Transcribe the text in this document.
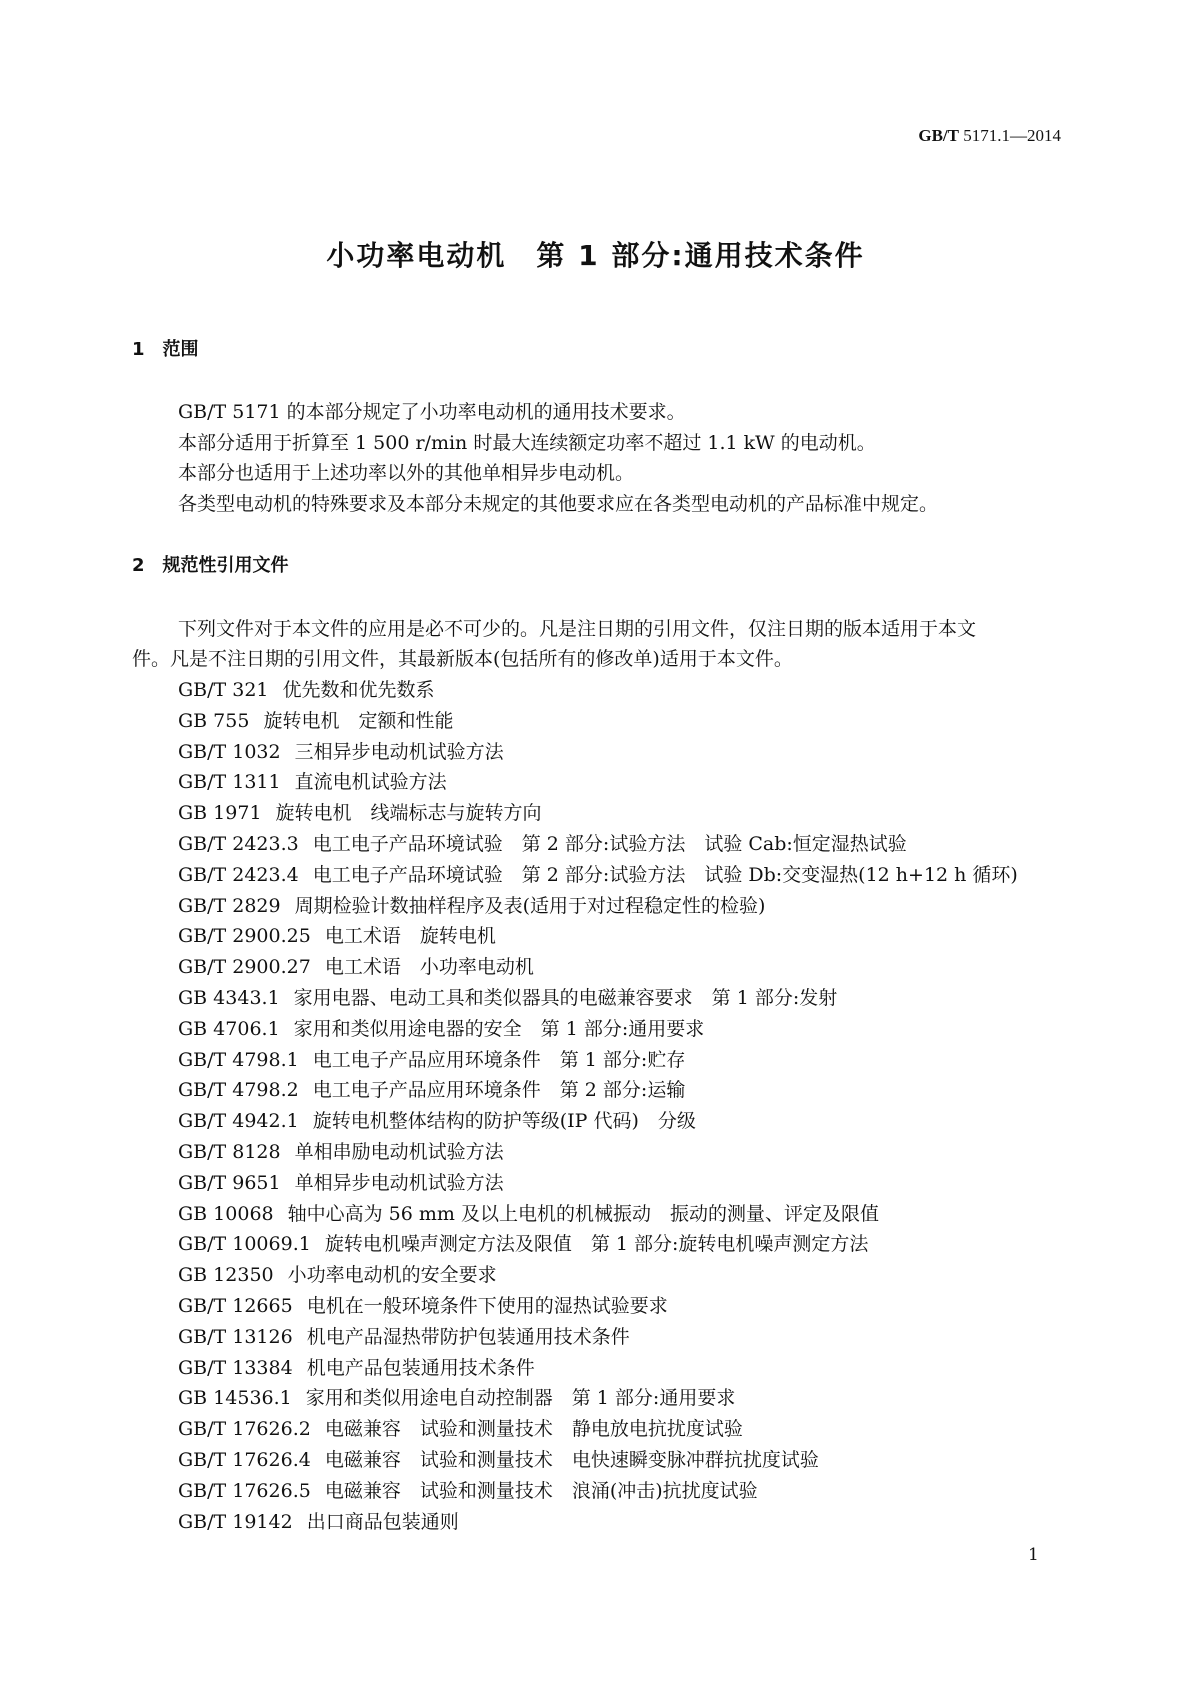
GB/T 5171.1—2014
小功率电动机　第 1 部分:通用技术条件
1　 范围
GB/T 5171 的本部分规定了小功率电动机的通用技术要求。
本部分适用于折算至 1 500 r/min 时最大连续额定功率不超过 1.1 kW 的电动机。
本部分也适用于上述功率以外的其他单相异步电动机。
各类型电动机的特殊要求及本部分未规定的其他要求应在各类型电动机的产品标准中规定。
2　 规范性引用文件
下列文件对于本文件的应用是必不可少的。凡是注日期的引用文件，仅注日期的版本适用于本文
件。凡是不注日期的引用文件，其最新版本(包括所有的修改单)适用于本文件。
GB/T 321 优先数和优先数系
GB 755 旋转电机　定额和性能
GB/T 1032 三相异步电动机试验方法
GB/T 1311 直流电机试验方法
GB 1971 旋转电机　线端标志与旋转方向
GB/T 2423.3 电工电子产品环境试验　第 2 部分:试验方法　试验 Cab:恒定湿热试验
GB/T 2423.4 电工电子产品环境试验　第 2 部分:试验方法　试验 Db:交变湿热(12 h+12 h 循环)
GB/T 2829 周期检验计数抽样程序及表(适用于对过程稳定性的检验)
GB/T 2900.25 电工术语　旋转电机
GB/T 2900.27 电工术语　小功率电动机
GB 4343.1 家用电器、电动工具和类似器具的电磁兼容要求　第 1 部分:发射
GB 4706.1 家用和类似用途电器的安全　第 1 部分:通用要求
GB/T 4798.1 电工电子产品应用环境条件　第 1 部分:贮存
GB/T 4798.2 电工电子产品应用环境条件　第 2 部分:运输
GB/T 4942.1 旋转电机整体结构的防护等级(IP 代码)　分级
GB/T 8128 单相串励电动机试验方法
GB/T 9651 单相异步电动机试验方法
GB 10068 轴中心高为 56 mm 及以上电机的机械振动　振动的测量、评定及限值
GB/T 10069.1 旋转电机噪声测定方法及限值　第 1 部分:旋转电机噪声测定方法
GB 12350 小功率电动机的安全要求
GB/T 12665 电机在一般环境条件下使用的湿热试验要求
GB/T 13126 机电产品湿热带防护包装通用技术条件
GB/T 13384 机电产品包装通用技术条件
GB 14536.1 家用和类似用途电自动控制器　第 1 部分:通用要求
GB/T 17626.2 电磁兼容　试验和测量技术　静电放电抗扰度试验
GB/T 17626.4 电磁兼容　试验和测量技术　电快速瞬变脉冲群抗扰度试验
GB/T 17626.5 电磁兼容　试验和测量技术　浪涌(冲击)抗扰度试验
GB/T 19142 出口商品包装通则
1
